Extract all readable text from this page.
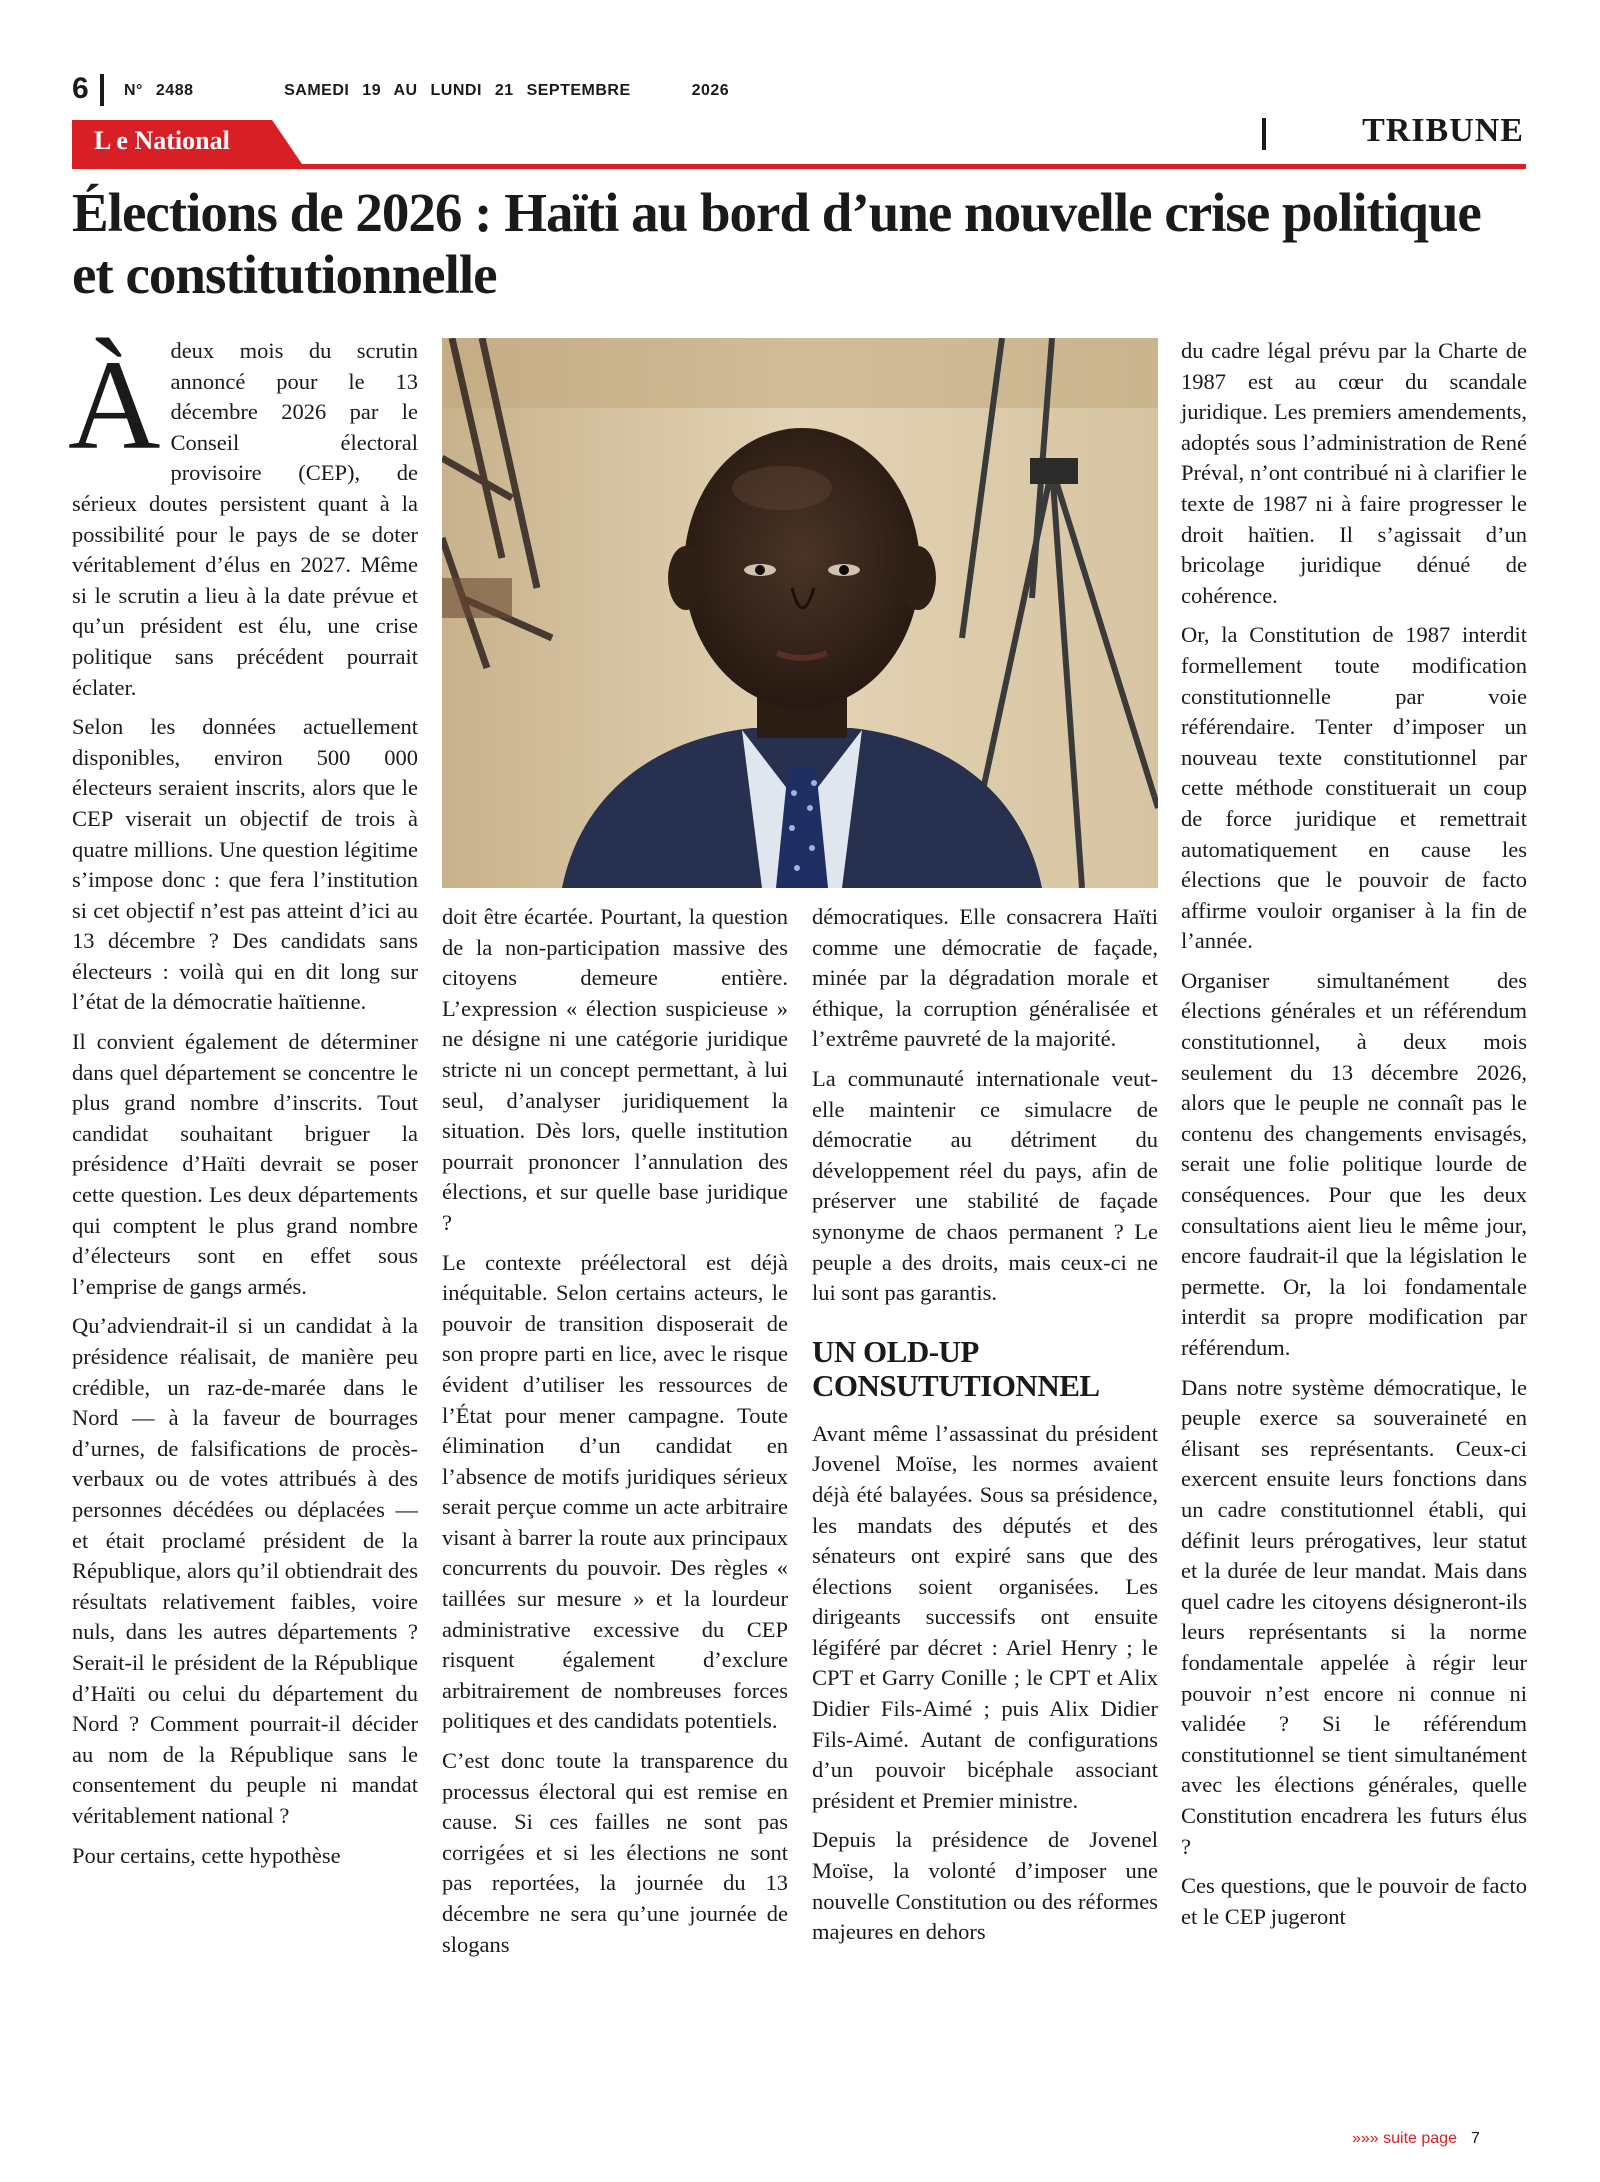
6 N° 2488	SAMEDI 19 AU LUNDI 21 SEPTEMBRE	2026
L e National	TRIBUNE
Élections de 2026 : Haïti au bord d’une nouvelle crise politique et constitutionnelle

Àdeux mois du scrutin annoncé pour le 13 décembre 2026 par le Conseil électoral provisoire (CEP), de sérieux doutes persistent quant à la possibilité pour le pays de se doter véritablement d’élus en 2027. Même si le scrutin a lieu à la date prévue et qu’un président est élu, une crise politique sans précédent pourrait éclater.

Selon les données actuellement disponibles, environ 500 000 électeurs seraient inscrits, alors que le CEP viserait un objectif de trois à quatre millions. Une question légitime s’impose donc : que fera l’institution si cet objectif n’est pas atteint d’ici au 13 décembre ? Des candidats sans électeurs : voilà qui en dit long sur l’état de la démocratie haïtienne.

Il convient également de déterminer dans quel département se concentre le plus grand nombre d’inscrits. Tout candidat souhaitant briguer la présidence d’Haïti devrait se poser cette question. Les deux départements qui comptent le plus grand nombre d’électeurs sont en effet sous l’emprise de gangs armés.

Qu’adviendrait-il si un candidat à la présidence réalisait, de manière peu crédible, un raz-de-marée dans le Nord — à la faveur de bourrages d’urnes, de falsifications de procès-verbaux ou de votes attribués à des personnes décédées ou déplacées — et était proclamé président de la République, alors qu’il obtiendrait des résultats relativement faibles, voire nuls, dans les autres départements ? Serait-il le président de la République d’Haïti ou celui du département du Nord ? Comment pourrait-il décider au nom de la République sans le consentement du peuple ni mandat véritablement national ?

Pour certains, cette hypothèse

doit être écartée. Pourtant, la question de la non-participation massive des citoyens demeure entière. L’expression « élection suspicieuse » ne désigne ni une catégorie juridique stricte ni un concept permettant, à lui seul, d’analyser juridiquement la situation. Dès lors, quelle institution pourrait prononcer l’annulation des élections, et sur quelle base juridique ?

Le contexte préélectoral est déjà inéquitable. Selon certains acteurs, le pouvoir de transition disposerait de son propre parti en lice, avec le risque évident d’utiliser les ressources de l’État pour mener campagne. Toute élimination d’un candidat en l’absence de motifs juridiques sérieux serait perçue comme un acte arbitraire visant à barrer la route aux principaux concurrents du pouvoir. Des règles « taillées sur mesure » et la lourdeur administrative excessive du CEP risquent également d’exclure arbitrairement de nombreuses forces politiques et des candidats potentiels.

C’est donc toute la transparence du processus électoral qui est remise en cause. Si ces failles ne sont pas corrigées et si les élections ne sont pas reportées, la journée du 13 décembre ne sera qu’une journée de slogans

démocratiques. Elle consacrera Haïti comme une démocratie de façade, minée par la dégradation morale et éthique, la corruption généralisée et l’extrême pauvreté de la majorité.

La communauté internationale veut-elle maintenir ce simulacre de démocratie au détriment du développement réel du pays, afin de préserver une stabilité de façade synonyme de chaos permanent ? Le peuple a des droits, mais ceux-ci ne lui sont pas garantis.

UN OLD-UP CONSUTUTIONNEL

Avant même l’assassinat du président Jovenel Moïse, les normes avaient déjà été balayées. Sous sa présidence, les mandats des députés et des sénateurs ont expiré sans que des élections soient organisées. Les dirigeants successifs ont ensuite légiféré par décret : Ariel Henry ; le CPT et Garry Conille ; le CPT et Alix Didier Fils-Aimé ; puis Alix Didier Fils-Aimé. Autant de configurations d’un pouvoir bicéphale associant président et Premier ministre.

Depuis la présidence de Jovenel Moïse, la volonté d’imposer une nouvelle Constitution ou des réformes majeures en dehors

du cadre légal prévu par la Charte de 1987 est au cœur du scandale juridique. Les premiers amendements, adoptés sous l’administration de René Préval, n’ont contribué ni à clarifier le texte de 1987 ni à faire progresser le droit haïtien. Il s’agissait d’un bricolage juridique dénué de cohérence.

Or, la Constitution de 1987 interdit formellement toute modification constitutionnelle par voie référendaire. Tenter d’imposer un nouveau texte constitutionnel par cette méthode constituerait un coup de force juridique et remettrait automatiquement en cause les élections que le pouvoir de facto affirme vouloir organiser à la fin de l’année.

Organiser simultanément des élections générales et un référendum constitutionnel, à deux mois seulement du 13 décembre 2026, alors que le peuple ne connaît pas le contenu des changements envisagés, serait une folie politique lourde de conséquences. Pour que les deux consultations aient lieu le même jour, encore faudrait-il que la législation le permette. Or, la loi fondamentale interdit sa propre modification par référendum.

Dans notre système démocratique, le peuple exerce sa souveraineté en élisant ses représentants. Ceux-ci exercent ensuite leurs fonctions dans un cadre constitutionnel établi, qui définit leurs prérogatives, leur statut et la durée de leur mandat. Mais dans quel cadre les citoyens désigneront-ils leurs représentants si la norme fondamentale appelée à régir leur pouvoir n’est encore ni connue ni validée ? Si le référendum constitutionnel se tient simultanément avec les élections générales, quelle Constitution encadrera les futurs élus ?

Ces questions, que le pouvoir de facto et le CEP jugeront

»»» suite page 7
